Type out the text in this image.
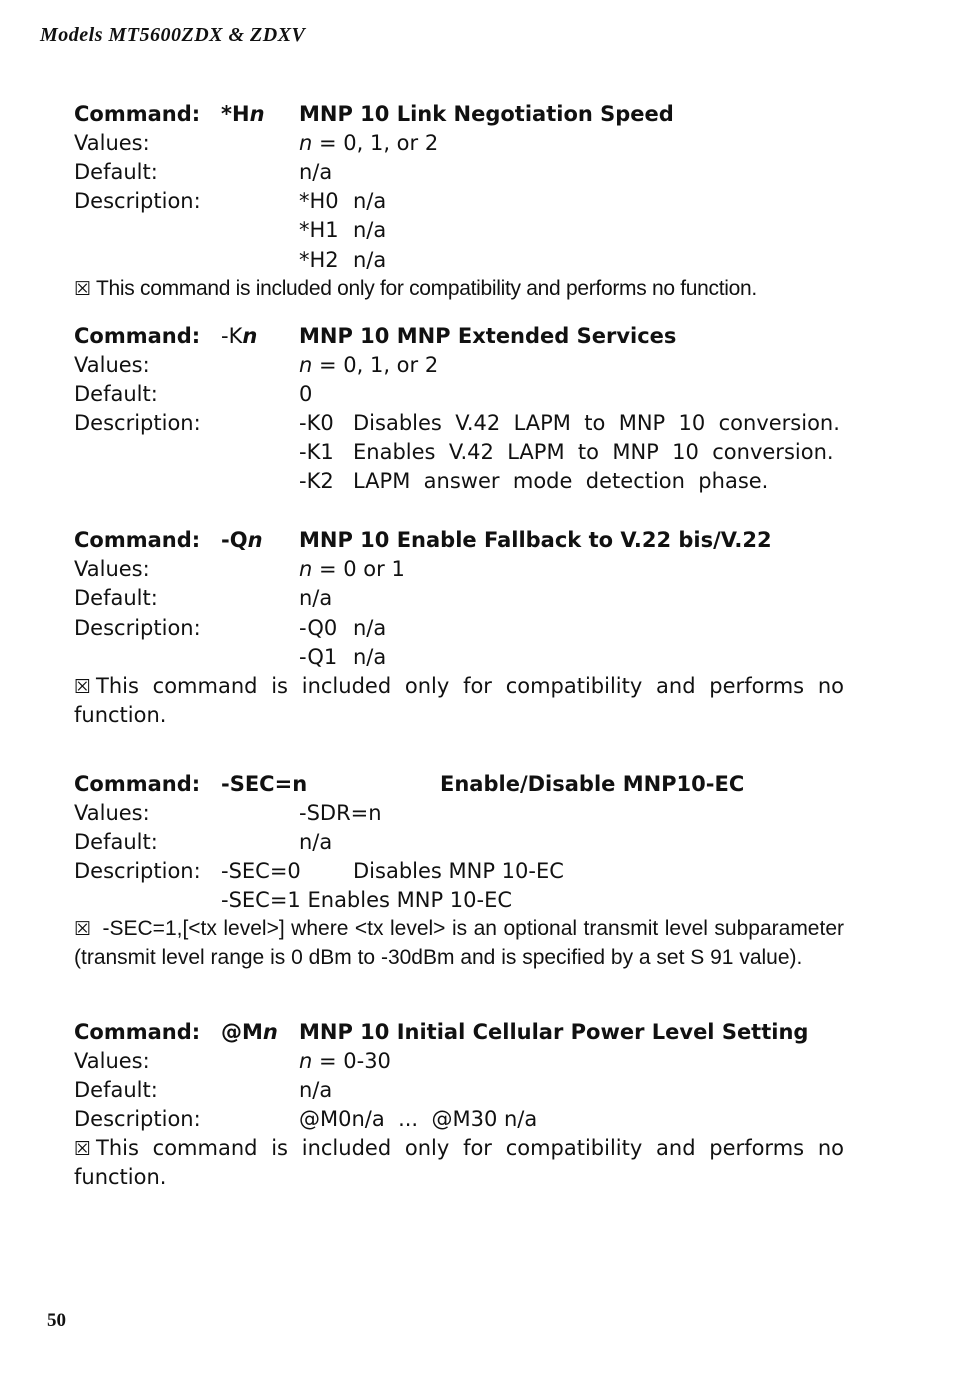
Models MT5600ZDX & ZDXV
Command: *Hn MNP 10 Link Negotiation Speed
Values:	n = 0, 1, or 2
Default:	n/a
Description:	*H0 n/a
*H1 n/a
*H2 n/a
☒ This command is included only for compatibility and performs no function.
Command: -Kn MNP 10 MNP Extended Services
Values:	n = 0, 1, or 2
Default:	0
Description:	-K0 Disables  V.42  LAPM  to  MNP  10  conversion.
-K1 Enables  V.42  LAPM  to  MNP  10  conversion.
-K2 LAPM  answer  mode  detection  phase.
Command: -Qn MNP 10 Enable Fallback to V.22 bis/V.22
Values:	n = 0 or 1
Default:	n/a
Description:	-Q0 n/a
-Q1 n/a
☒ This command is included only for compatibility and performs no function.
Command: -SEC=n	Enable/Disable MNP10-EC
Values:	-SDR=n
Default:	n/a
Description: -SEC=0 Disables MNP 10-EC
-SEC=1 Enables MNP 10-EC
☒ -SEC=1,[<tx level>] where <tx level> is an optional transmit level subparameter (transmit level range is 0 dBm to -30dBm and is specified by a set S 91 value).
Command: @Mn MNP 10 Initial Cellular Power Level Setting
Values:	n = 0-30
Default:	n/a
Description:	@M0n/a  ...  @M30 n/a
☒ This command is included only for compatibility and performs no function.
50
